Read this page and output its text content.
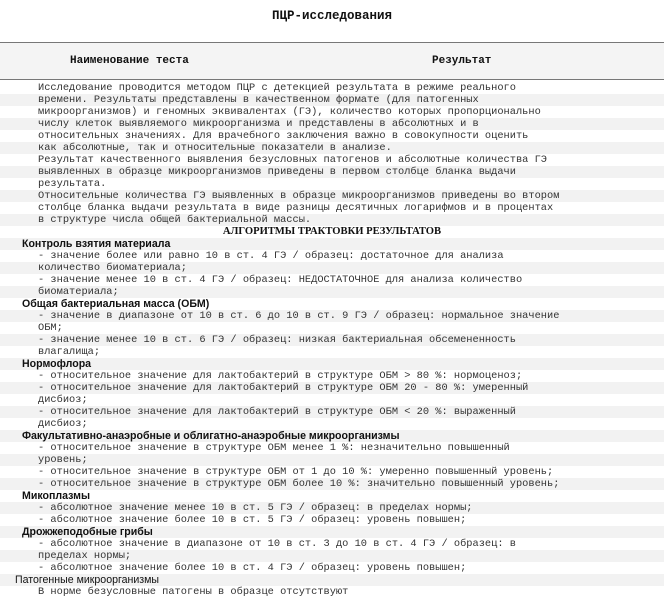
ПЦР-исследования
Наименование теста	Результат
Исследование проводится методом ПЦР с детекцией результата в режиме реального
времени. Результаты представлены в качественном формате (для патогенных
микроорганизмов) и геномных эквивалентах (ГЭ), количество которых пропорционально
числу клеток выявляемого микроорганизма и представлены в абсолютных и в
относительных значениях. Для врачебного заключения важно в совокупности оценить
как абсолютные, так и относительные показатели в анализе.
Результат качественного выявления безусловных патогенов и абсолютные количества ГЭ
выявленных в образце микроорганизмов приведены в первом столбце бланка выдачи
результата.
Относительные количества ГЭ выявленных в образце микроорганизмов приведены во втором
столбце бланка выдачи результата в виде разницы десятичных логарифмов и в процентах
в структуре числа общей бактериальной массы.
АЛГОРИТМЫ ТРАКТОВКИ РЕЗУЛЬТАТОВ
Контроль взятия материала
- значение более или равно 10 в ст. 4 ГЭ / образец: достаточное для анализа
количество биоматериала;
- значение менее 10 в ст. 4 ГЭ / образец: НЕДОСТАТОЧНОЕ для анализа количество
биоматериала;
Общая бактериальная масса (ОБМ)
- значение в диапазоне от 10 в ст. 6 до 10 в ст. 9 ГЭ / образец: нормальное значение
ОБМ;
- значение менее 10 в ст. 6 ГЭ / образец: низкая бактериальная обсемененность
влагалища;
Нормофлора
- относительное значение для лактобактерий в структуре ОБМ > 80 %: нормоценоз;
- относительное значение для лактобактерий в структуре ОБМ 20 - 80 %: умеренный
дисбиоз;
- относительное значение для лактобактерий в структуре ОБМ < 20 %: выраженный
дисбиоз;
Факультативно-анаэробные и облигатно-анаэробные микроорганизмы
- относительное значение в структуре ОБМ менее 1 %: незначительно повышенный
уровень;
- относительное значение в структуре ОБМ от 1 до 10 %: умеренно повышенный уровень;
- относительное значение в структуре ОБМ более 10 %: значительно повышенный уровень;
Микоплазмы
- абсолютное значение менее 10 в ст. 5 ГЭ / образец: в пределах нормы;
- абсолютное значение более 10 в ст. 5 ГЭ / образец: уровень повышен;
Дрожжеподобные грибы
- абсолютное значение в диапазоне от 10 в ст. 3 до 10 в ст. 4 ГЭ / образец: в
пределах нормы;
- абсолютное значение более 10 в ст. 4 ГЭ / образец: уровень повышен;
Патогенные микроорганизмы
В норме безусловные патогены в образце отсутствуют
